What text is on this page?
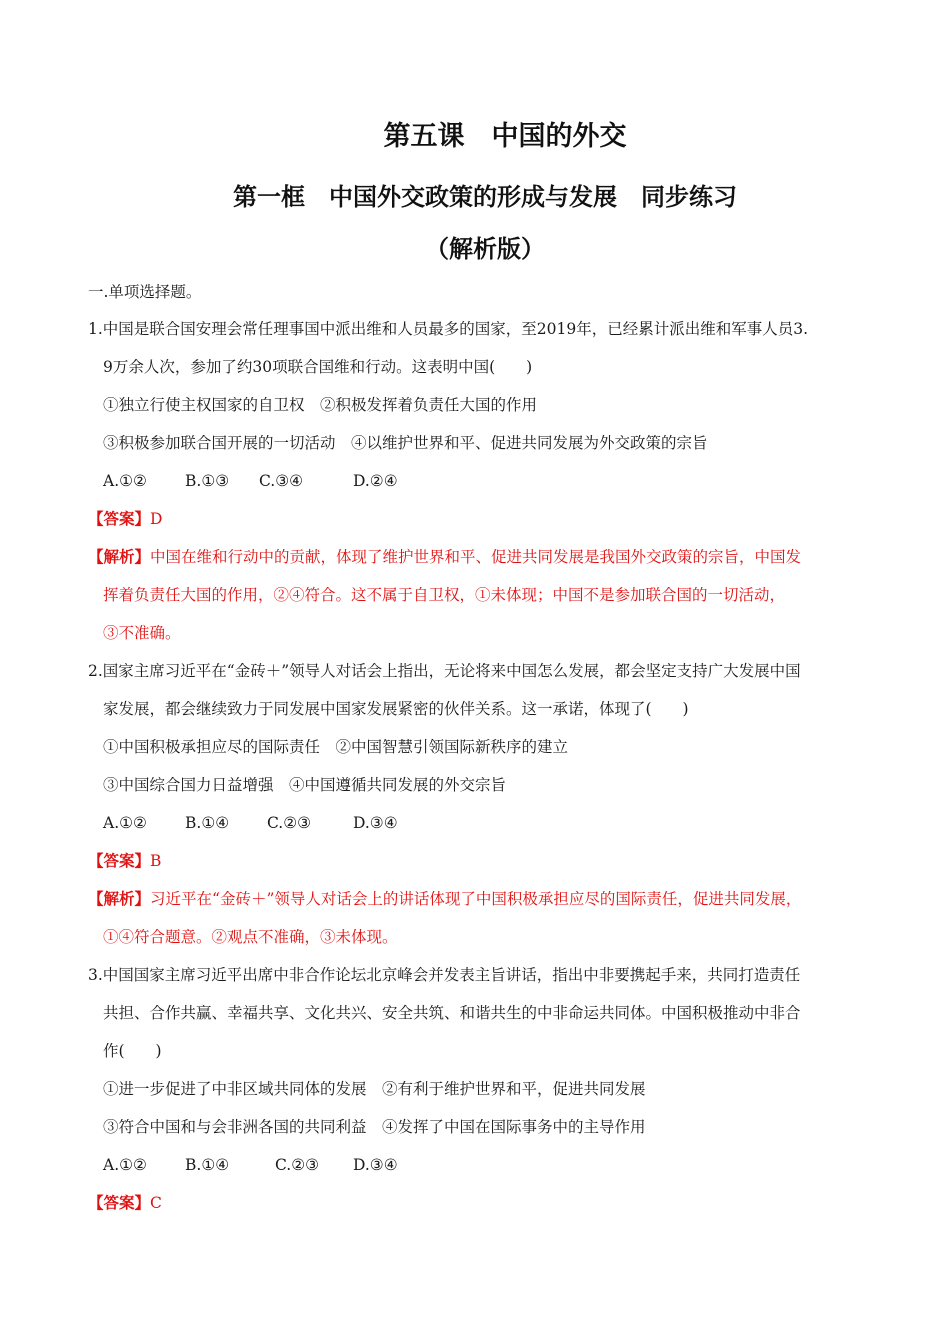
第五课　中国的外交
第一框　中国外交政策的形成与发展　同步练习
（解析版）
一.单项选择题。
1.中国是联合国安理会常任理事国中派出维和人员最多的国家，至2019年，已经累计派出维和军事人员3.
9万余人次，参加了约30项联合国维和行动。这表明中国(　　)
①独立行使主权国家的自卫权　②积极发挥着负责任大国的作用
③积极参加联合国开展的一切活动　④以维护世界和平、促进共同发展为外交政策的宗旨
A.①② B.①③ C.③④	D.②④
【答案】D
【解析】中国在维和行动中的贡献，体现了维护世界和平、促进共同发展是我国外交政策的宗旨，中国发
挥着负责任大国的作用，②④符合。这不属于自卫权，①未体现；中国不是参加联合国的一切活动，
③不准确。
2.国家主席习近平在“金砖＋”领导人对话会上指出，无论将来中国怎么发展，都会坚定支持广大发展中国
家发展，都会继续致力于同发展中国家发展紧密的伙伴关系。这一承诺，体现了(　　)
①中国积极承担应尽的国际责任　②中国智慧引领国际新秩序的建立
③中国综合国力日益增强　④中国遵循共同发展的外交宗旨
A.①② B.①④ C.②③	D.③④
【答案】B
【解析】习近平在“金砖＋”领导人对话会上的讲话体现了中国积极承担应尽的国际责任，促进共同发展，
①④符合题意。②观点不准确，③未体现。
3.中国国家主席习近平出席中非合作论坛北京峰会并发表主旨讲话，指出中非要携起手来，共同打造责任
共担、合作共赢、幸福共享、文化共兴、安全共筑、和谐共生的中非命运共同体。中国积极推动中非合
作(　　)
①进一步促进了中非区域共同体的发展　②有利于维护世界和平，促进共同发展
③符合中国和与会非洲各国的共同利益　④发挥了中国在国际事务中的主导作用
A.①② B.①④	C.②③ D.③④
【答案】C
